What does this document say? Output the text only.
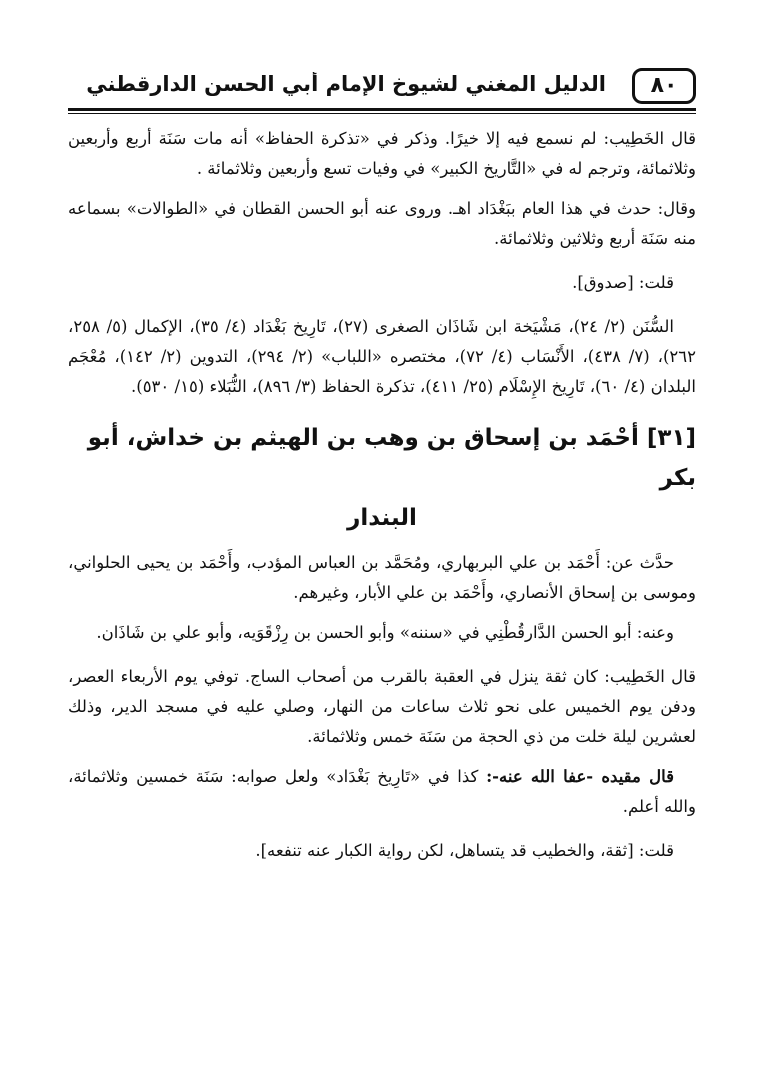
٨٠
الدليل المغني لشيوخ الإمام أبي الحسن الدارقطني

قال الخَطِيب: لم نسمع فيه إلا خيرًا. وذكر في «تذكرة الحفاظ» أنه مات سَنَة أربع وأربعين وثلاثمائة، وترجم له في «التَّاريخ الكبير» في وفيات تسع وأربعين وثلاثمائة .

وقال: حدث في هذا العام ببَغْدَاد اهـ. وروى عنه أبو الحسن القطان في «الطوالات» بسماعه منه سَنَة أربع وثلاثين وثلاثمائة.

قلت: [صدوق].

السُّنَن (٢/ ٢٤)، مَشْيَخة ابن شَاذَان الصغرى (٢٧)، تَارِيخ بَغْدَاد (٤/ ٣٥)، الإكمال (٥/ ٢٥٨، ٢٦٢)، (٧/ ٤٣٨)، الأَنْسَاب (٤/ ٧٢)، مختصره «اللباب» (٢/ ٢٩٤)، التدوين (٢/ ١٤٢)، مُعْجَم البلدان (٤/ ٦٠)، تَارِيخ الإِسْلَام (٢٥/ ٤١١)، تذكرة الحفاظ (٣/ ٨٩٦)، النُّبَلاء (١٥/ ٥٣٠).

[٣١] أحْمَد بن إسحاق بن وهب بن الهيثم بن خداش، أبو بكر
البندار

حدَّث عن: أَحْمَد بن علي البربهاري، ومُحَمَّد بن العباس المؤدب، وأَحْمَد بن يحيى الحلواني، وموسى بن إسحاق الأنصاري، وأَحْمَد بن علي الأبار، وغيرهم.

وعنه: أبو الحسن الدَّارقُطْنِي في «سننه» وأبو الحسن بن رِزْقَوَيه، وأبو علي بن شَاذَان.

قال الخَطِيب: كان ثقة ينزل في العقبة بالقرب من أصحاب الساج. توفي يوم الأربعاء العصر، ودفن يوم الخميس على نحو ثلاث ساعات من النهار، وصلي عليه في مسجد الدير، وذلك لعشرين ليلة خلت من ذي الحجة من سَنَة خمس وثلاثمائة.

قال مقيده -عفا الله عنه-: كذا في «تَارِيخ بَغْدَاد» ولعل صوابه: سَنَة خمسين وثلاثمائة، والله أعلم.

قلت: [ثقة، والخطيب قد يتساهل، لكن رواية الكبار عنه تنفعه].
